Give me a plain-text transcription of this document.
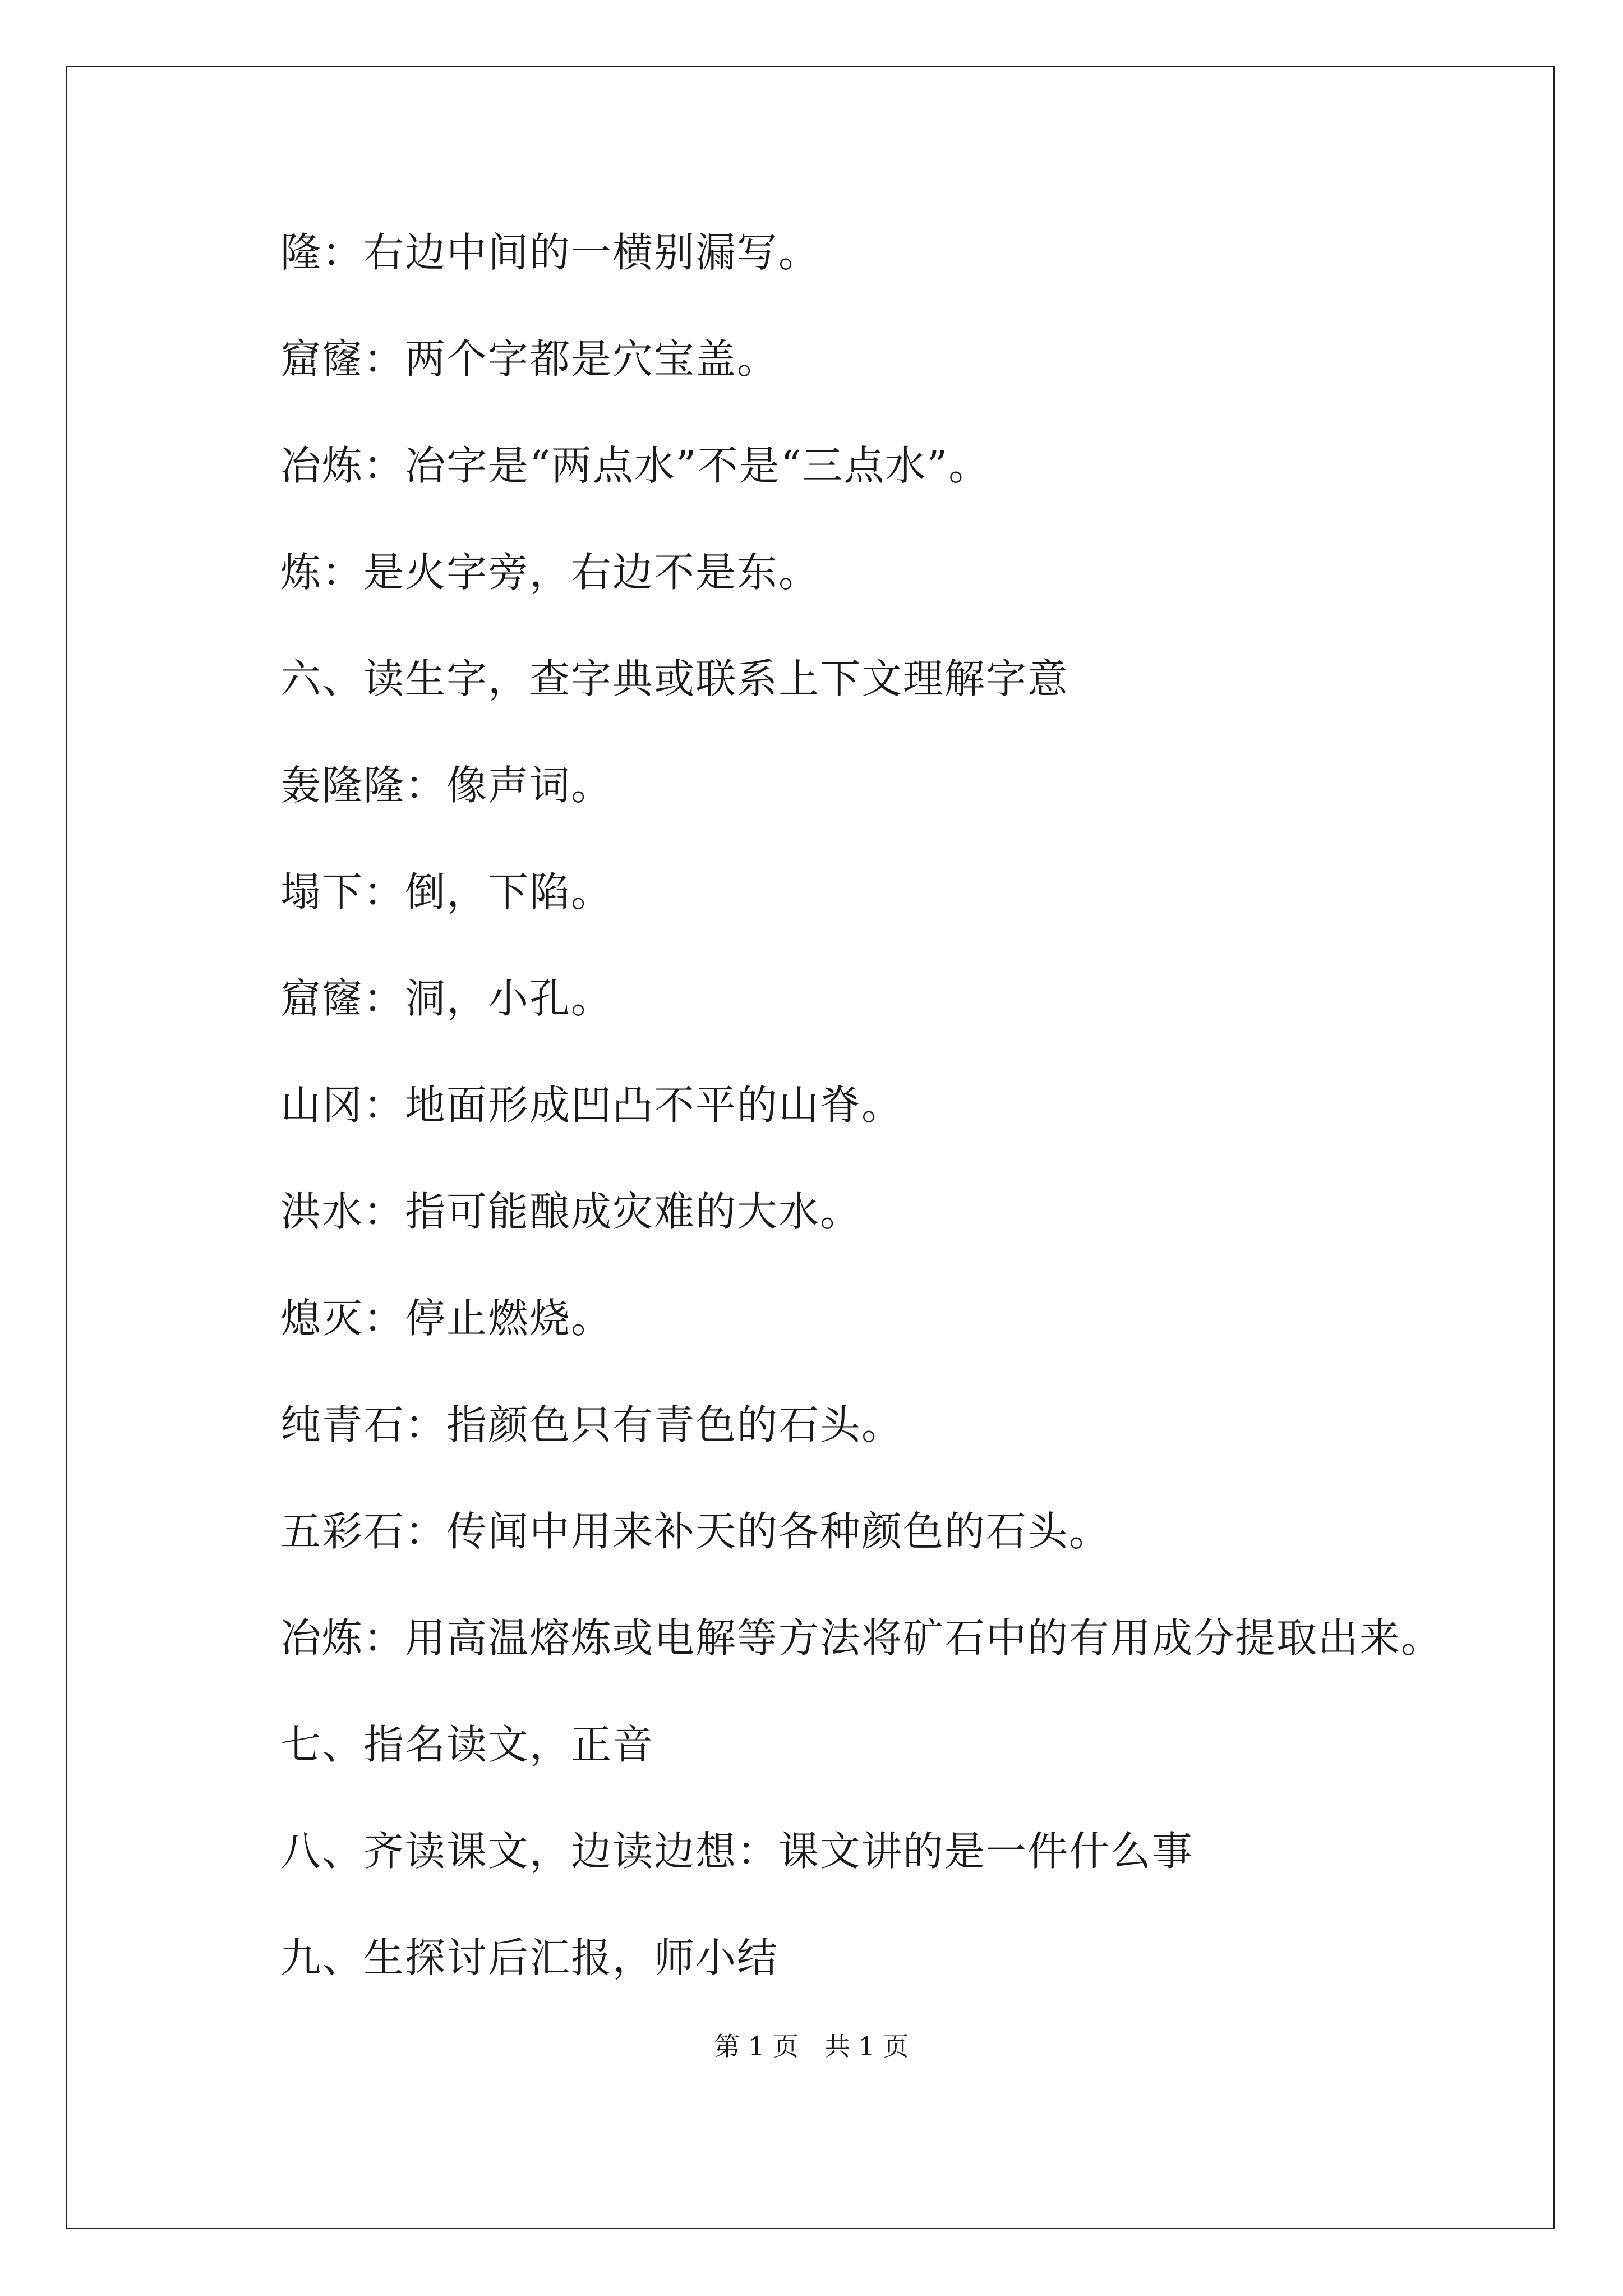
隆：右边中间的一横别漏写。
窟窿：两个字都是穴宝盖。
冶炼：冶字是“两点水”不是“三点水”。
炼：是火字旁，右边不是东。
六、读生字，查字典或联系上下文理解字意
轰隆隆：像声词。
塌下：倒，下陷。
窟窿：洞，小孔。
山冈：地面形成凹凸不平的山脊。
洪水：指可能酿成灾难的大水。
熄灭：停止燃烧。
纯青石：指颜色只有青色的石头。
五彩石：传闻中用来补天的各种颜色的石头。
冶炼：用高温熔炼或电解等方法将矿石中的有用成分提取出来。
七、指名读文，正音
八、齐读课文，边读边想：课文讲的是一件什么事
九、生探讨后汇报，师小结
第 1 页　共 1 页
